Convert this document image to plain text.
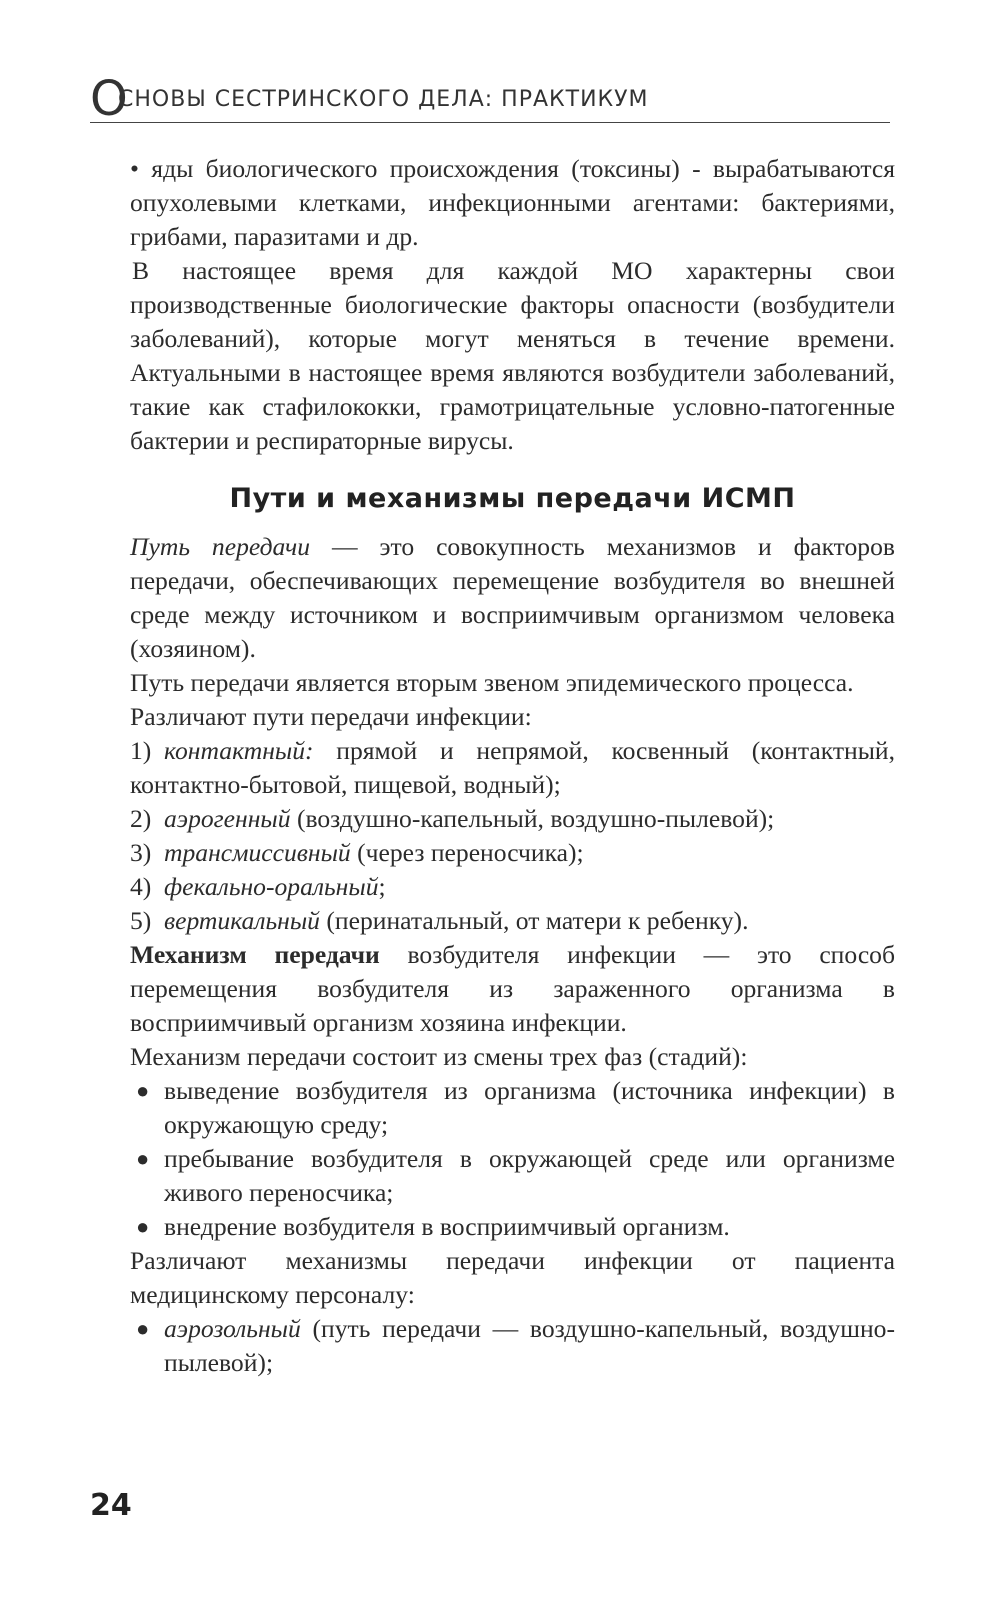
О
СНОВЫ СЕСТРИНСКОГО ДЕЛА: ПРАКТИКУМ

• яды биологического происхождения (токсины) - вырабатываются опухолевыми клетками, инфекционными агентами: бактериями, грибами, паразитами и др.

В настоящее время для каждой МО характерны свои производственные биологические факторы опасности (возбудители заболеваний), которые могут меняться в течение времени. Актуальными в настоящее время являются возбудители заболеваний, такие как стафилококки, грамотрицательные условно-патогенные бактерии и респираторные вирусы.

Пути и механизмы передачи ИСМП

Путь передачи — это совокупность механизмов и факторов передачи, обеспечивающих перемещение возбудителя во внешней среде между источником и восприимчивым организмом человека (хозяином).

Путь передачи является вторым звеном эпидемического процесса.

Различают пути передачи инфекции:

1) контактный: прямой и непрямой, косвенный (контактный, контактно-бытовой, пищевой, водный);

2) аэрогенный (воздушно-капельный, воздушно-пылевой);

3) трансмиссивный (через переносчика);

4) фекально-оральный;

5) вертикальный (перинатальный, от матери к ребенку).

Механизм передачи возбудителя инфекции — это способ перемещения возбудителя из зараженного организма в восприимчивый организм хозяина инфекции.

Механизм передачи состоит из смены трех фаз (стадий):

● выведение возбудителя из организма (источника инфекции) в окружающую среду;

● пребывание возбудителя в окружающей среде или организме живого переносчика;

● внедрение возбудителя в восприимчивый организм.

Различают механизмы передачи инфекции от пациента медицинскому персоналу:

● аэрозольный (путь передачи — воздушно-капельный, воздушно-пылевой);

24
